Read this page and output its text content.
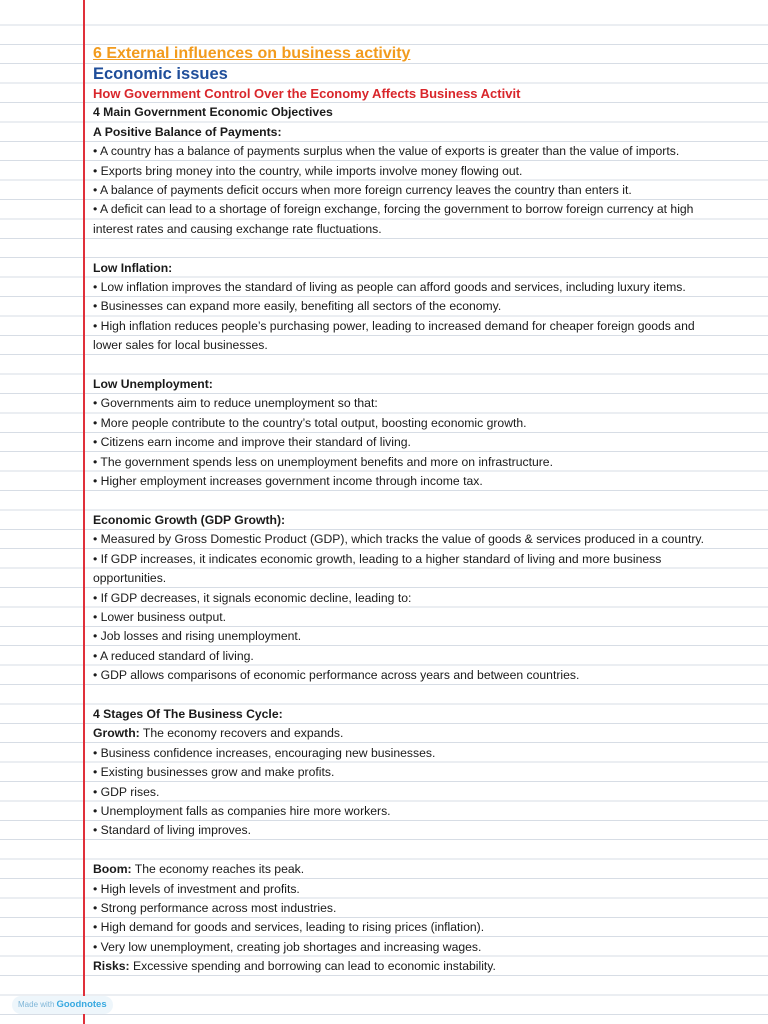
6 External influences on business activity
Economic issues
How Government Control Over the Economy Affects Business Activit
4 Main Government Economic Objectives
A Positive Balance of Payments:
• A country has a balance of payments surplus when the value of exports is greater than the value of imports.
• Exports bring money into the country, while imports involve money flowing out.
• A balance of payments deficit occurs when more foreign currency leaves the country than enters it.
• A deficit can lead to a shortage of foreign exchange, forcing the government to borrow foreign currency at high
interest rates and causing exchange rate fluctuations.
Low Inflation:
• Low inflation improves the standard of living as people can afford goods and services, including luxury items.
• Businesses can expand more easily, benefiting all sectors of the economy.
• High inflation reduces people’s purchasing power, leading to increased demand for cheaper foreign goods and
lower sales for local businesses.
Low Unemployment:
• Governments aim to reduce unemployment so that:
• More people contribute to the country’s total output, boosting economic growth.
• Citizens earn income and improve their standard of living.
• The government spends less on unemployment benefits and more on infrastructure.
• Higher employment increases government income through income tax.
Economic Growth (GDP Growth):
• Measured by Gross Domestic Product (GDP), which tracks the value of goods & services produced in a country.
• If GDP increases, it indicates economic growth, leading to a higher standard of living and more business
opportunities.
• If GDP decreases, it signals economic decline, leading to:
• Lower business output.
• Job losses and rising unemployment.
• A reduced standard of living.
• GDP allows comparisons of economic performance across years and between countries.
4 Stages Of The Business Cycle:
Growth: The economy recovers and expands.
• Business confidence increases, encouraging new businesses.
• Existing businesses grow and make profits.
• GDP rises.
• Unemployment falls as companies hire more workers.
• Standard of living improves.
Boom: The economy reaches its peak.
• High levels of investment and profits.
• Strong performance across most industries.
• High demand for goods and services, leading to rising prices (inflation).
• Very low unemployment, creating job shortages and increasing wages.
Risks: Excessive spending and borrowing can lead to economic instability.
Made with Goodnotes
